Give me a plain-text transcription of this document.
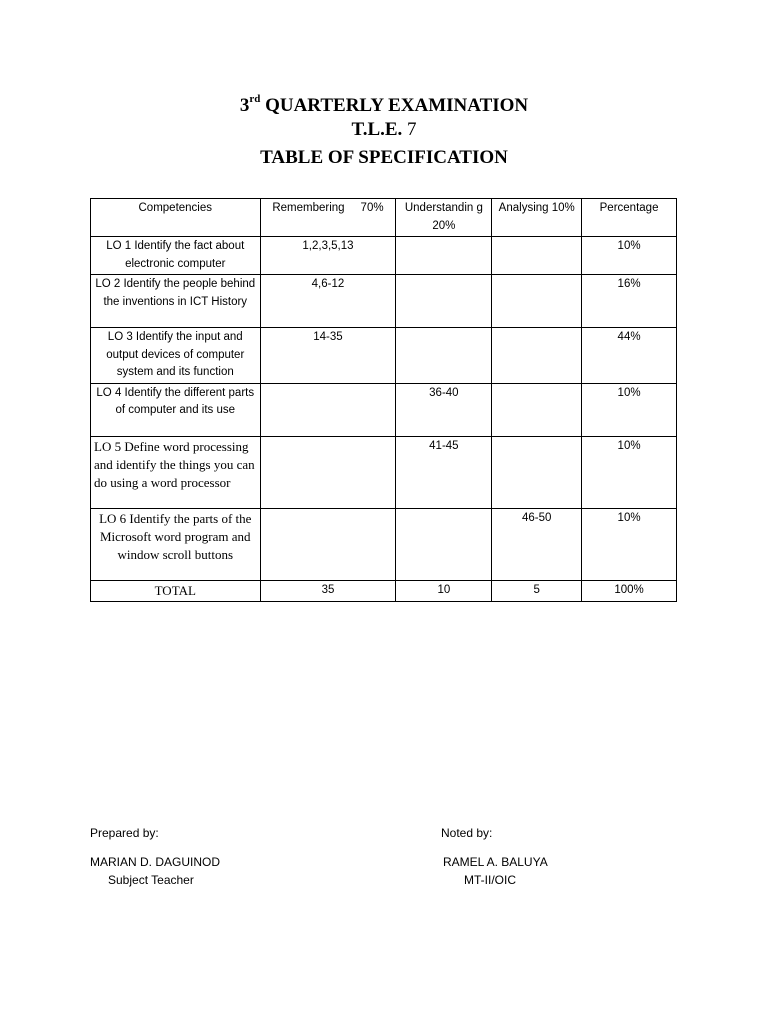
3rd QUARTERLY EXAMINATION
T.L.E. 7
TABLE OF SPECIFICATION
Competencies	Remembering     70%	Understandin g 20%	Analysing 10%	Percentage
LO 1 Identify the fact about electronic computer	1,2,3,5,13			10%
LO 2 Identify the people behind the inventions in ICT History	4,6-12			16%
LO 3 Identify the input and output devices of computer system and its function	14-35			44%
LO 4 Identify the different parts of computer and its use		36-40		10%
LO 5 Define word processing and identify the things you can do using a word processor		41-45		10%
LO 6 Identify the parts of the Microsoft word program and window scroll buttons			46-50	10%
TOTAL	35	10	5	100%
Prepared by:
MARIAN D. DAGUINOD
Subject Teacher
Noted by:
RAMEL A. BALUYA
MT-II/OIC
